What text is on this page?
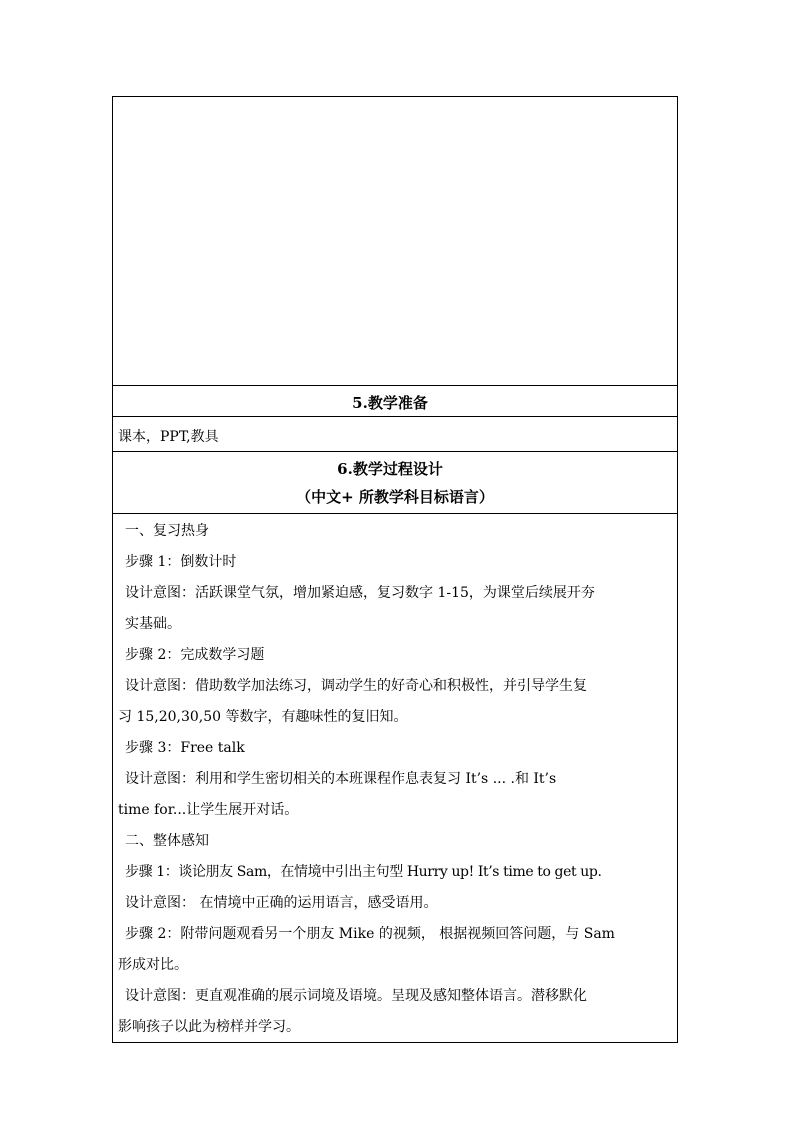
5.教学准备
课本，PPT,教具
6.教学过程设计
（中文+ 所教学科目标语言）
一、复习热身
步骤 1：倒数计时
设计意图：活跃课堂气氛，增加紧迫感，复习数字 1-15，为课堂后续展开夯
实基础。
步骤 2：完成数学习题
设计意图：借助数学加法练习，调动学生的好奇心和积极性，并引导学生复
习 15,20,30,50 等数字，有趣味性的复旧知。
步骤 3：Free talk
设计意图：利用和学生密切相关的本班课程作息表复习 It’s ... .和 It’s
time for...让学生展开对话。
二、整体感知
步骤 1：谈论朋友 Sam，在情境中引出主句型 Hurry up! It’s time to get up.
设计意图： 在情境中正确的运用语言，感受语用。
步骤 2：附带问题观看另一个朋友 Mike 的视频， 根据视频回答问题，与 Sam
形成对比。
设计意图：更直观准确的展示词境及语境。呈现及感知整体语言。潜移默化
影响孩子以此为榜样并学习。
